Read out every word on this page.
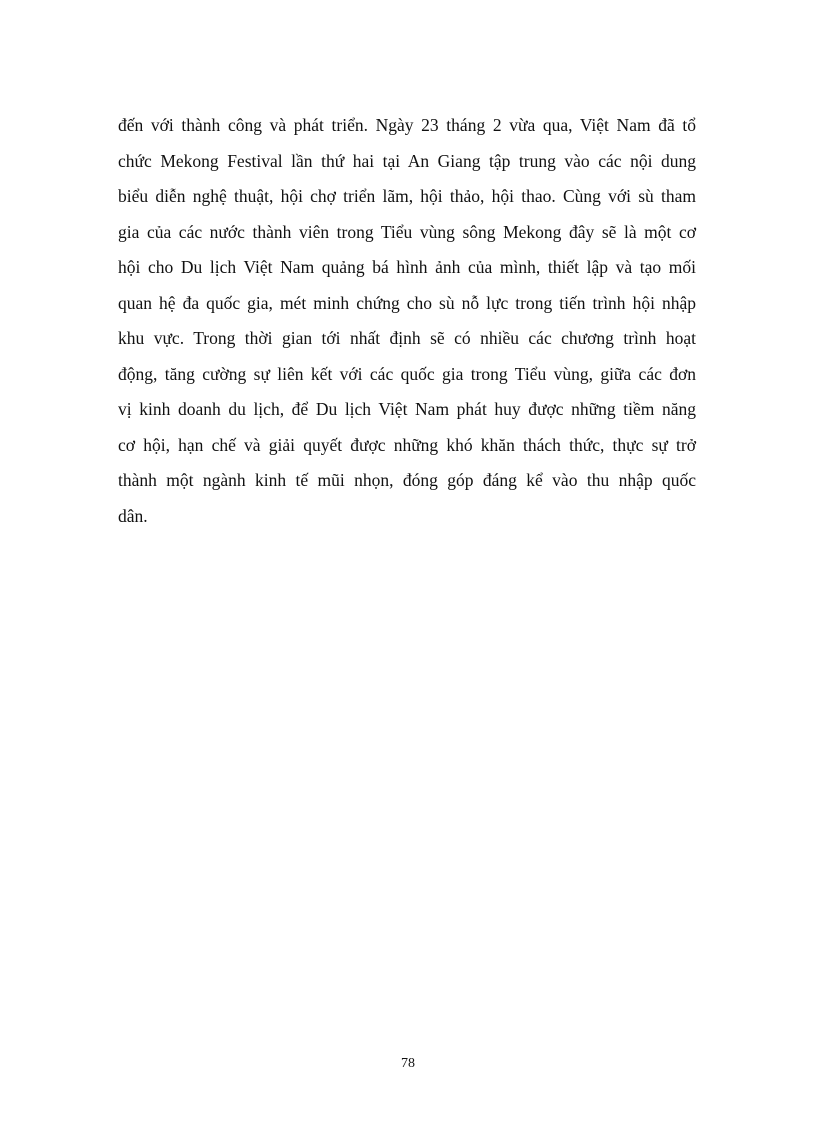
đến với thành công và phát triển. Ngày 23 tháng 2 vừa qua, Việt Nam đã tổ
chức Mekong Festival lần thứ hai tại An Giang tập trung vào các nội dung
biểu diễn nghệ thuật, hội chợ triển lãm, hội thảo, hội thao. Cùng với sù tham
gia của các nước thành viên trong Tiểu vùng sông Mekong đây sẽ là một cơ
hội cho Du lịch Việt Nam quảng bá hình ảnh của mình, thiết lập và tạo mối
quan hệ đa quốc gia, mét minh chứng cho sù nỗ lực trong tiến trình hội nhập
khu vực. Trong thời gian tới nhất định sẽ có nhiều các chương trình hoạt
động, tăng cường sự liên kết với các quốc gia trong Tiểu vùng, giữa các đơn
vị kinh doanh du lịch, để Du lịch Việt Nam phát huy được những tiềm năng
cơ hội, hạn chế và giải quyết được những khó khăn thách thức, thực sự trở
thành một ngành kinh tế mũi nhọn, đóng góp đáng kể vào thu nhập quốc
dân.
78
